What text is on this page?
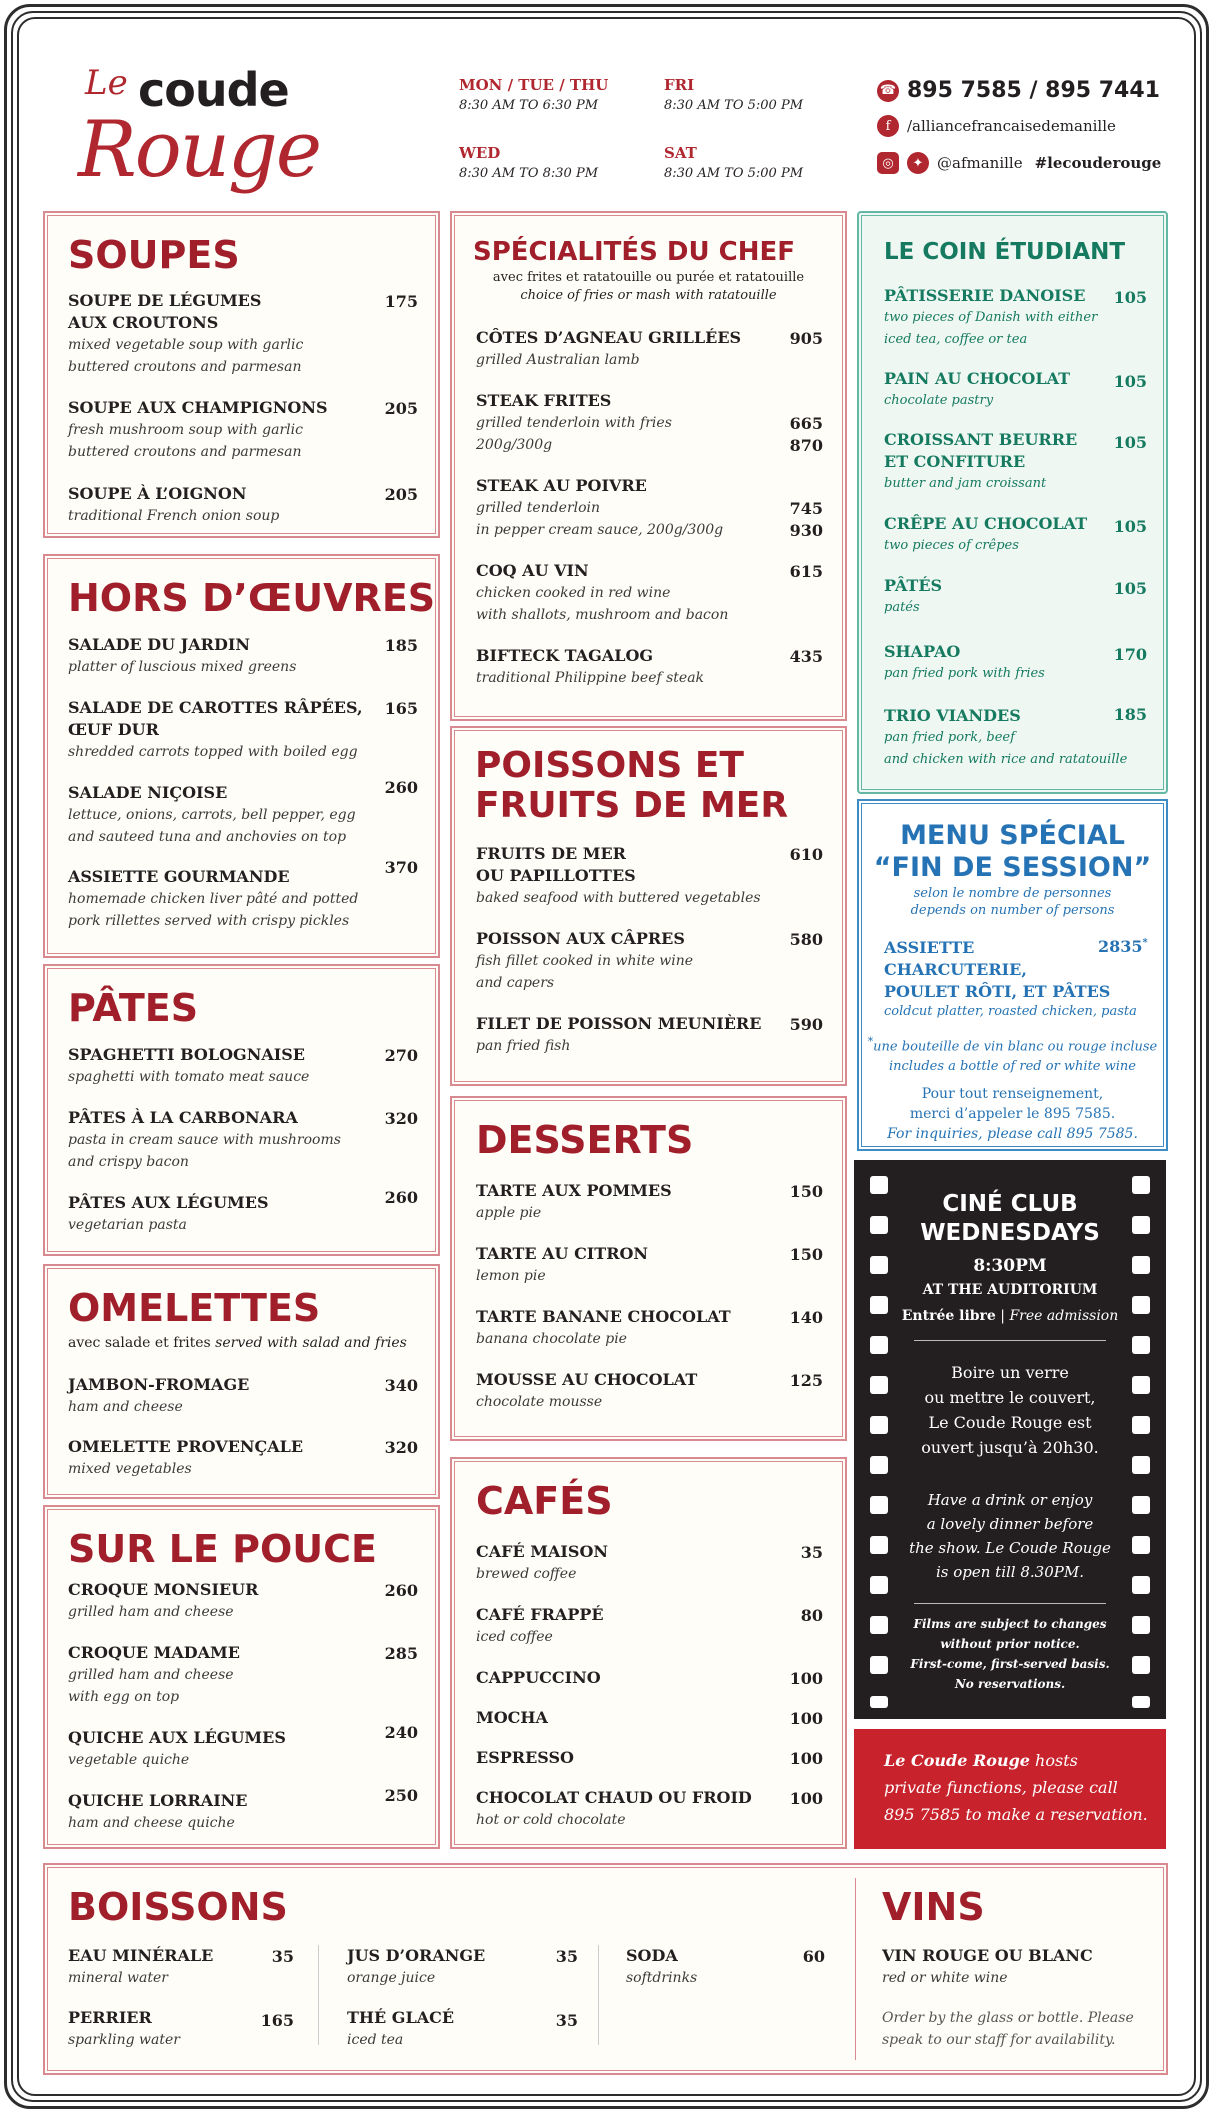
Le coude
Rouge
MON / TUE / THU
8:30 AM TO 6:30 PM
FRI
8:30 AM TO 5:00 PM
WED
8:30 AM TO 8:30 PM
SAT
8:30 AM TO 5:00 PM
☎ 895 7585 / 895 7441
f	/alliancefrancaisedemanille
◎	✦ @afmanille #lecouderouge
SOUPES
SOUPE DE LÉGUMES
AUX CROUTONS
mixed vegetable soup with garlic
buttered croutons and parmesan
175
SOUPE AUX CHAMPIGNONS
fresh mushroom soup with garlic
buttered croutons and parmesan
205
SOUPE À L’OIGNON
traditional French onion soup
205
HORS D’ŒUVRES
SALADE DU JARDIN
platter of luscious mixed greens
185
SALADE DE CAROTTES RÂPÉES,
ŒUF DUR
shredded carrots topped with boiled egg
165
SALADE NIÇOISE
lettuce, onions, carrots, bell pepper, egg
and sauteed tuna and anchovies on top
260
ASSIETTE GOURMANDE
homemade chicken liver pâté and potted
pork rillettes served with crispy pickles
370
PÂTES
SPAGHETTI BOLOGNAISE
spaghetti with tomato meat sauce
270
PÂTES À LA CARBONARA
pasta in cream sauce with mushrooms
and crispy bacon
320
PÂTES AUX LÉGUMES
vegetarian pasta
260
OMELETTES
avec salade et frites served with salad and fries
JAMBON-FROMAGE
ham and cheese
340
OMELETTE PROVENÇALE
mixed vegetables
320
SUR LE POUCE
CROQUE MONSIEUR
grilled ham and cheese
260
CROQUE MADAME
grilled ham and cheese
with egg on top
285
QUICHE AUX LÉGUMES
vegetable quiche
240
QUICHE LORRAINE
ham and cheese quiche
250
SPÉCIALITÉS DU CHEF
avec frites et ratatouille ou purée et ratatouille
choice of fries or mash with ratatouille
CÔTES D’AGNEAU GRILLÉES
grilled Australian lamb
905
STEAK FRITES
grilled tenderloin with fries
200g/300g
665
870
STEAK AU POIVRE
grilled tenderloin
in pepper cream sauce, 200g/300g
745
930
COQ AU VIN
chicken cooked in red wine
with shallots, mushroom and bacon
615
BIFTECK TAGALOG
traditional Philippine beef steak
435
POISSONS ET
FRUITS DE MER
FRUITS DE MER
OU PAPILLOTTES
baked seafood with buttered vegetables
610
POISSON AUX CÂPRES
fish fillet cooked in white wine
and capers
580
FILET DE POISSON MEUNIÈRE
pan fried fish
590
DESSERTS
TARTE AUX POMMES
apple pie
150
TARTE AU CITRON
lemon pie
150
TARTE BANANE CHOCOLAT
banana chocolate pie
140
MOUSSE AU CHOCOLAT
chocolate mousse
125
CAFÉS
CAFÉ MAISON
brewed coffee
35
CAFÉ FRAPPÉ
iced coffee
80
CAPPUCCINO	100
MOCHA	100
ESPRESSO	100
CHOCOLAT CHAUD OU FROID
hot or cold chocolate
100
LE COIN ÉTUDIANT
PÂTISSERIE DANOISE
two pieces of Danish with either
iced tea, coffee or tea
105
PAIN AU CHOCOLAT
chocolate pastry
105
CROISSANT BEURRE
ET CONFITURE
butter and jam croissant
105
CRÊPE AU CHOCOLAT
two pieces of crêpes
105
PÂTÉS
patés
105
SHAPAO
pan fried pork with fries
170
TRIO VIANDES
pan fried pork, beef
and chicken with rice and ratatouille
185
MENU SPÉCIAL
“FIN DE SESSION”
selon le nombre de personnes
depends on number of persons
ASSIETTE
CHARCUTERIE,
POULET RÔTI, ET PÂTES
2835*
coldcut platter, roasted chicken, pasta
*une bouteille de vin blanc ou rouge incluse
includes a bottle of red or white wine
Pour tout renseignement,
merci d’appeler le 895 7585.
For inquiries, please call 895 7585.
CINÉ CLUB
WEDNESDAYS
8:30PM
AT THE AUDITORIUM
Entrée libre | Free admission
Boire un verre
ou mettre le couvert,
Le Coude Rouge est
ouvert jusqu’à 20h30.
Have a drink or enjoy
a lovely dinner before
the show. Le Coude Rouge
is open till 8.30PM.
Films are subject to changes
without prior notice.
First-come, first-served basis.
No reservations.
Le Coude Rouge hosts
private functions, please call
895 7585 to make a reservation.
BOISSONS
EAU MINÉRALE
mineral water
35
PERRIER
sparkling water
165
JUS D’ORANGE
orange juice
35
THÉ GLACÉ
iced tea
35
SODA
softdrinks
60
VINS
VIN ROUGE OU BLANC
red or white wine
Order by the glass or bottle. Please
speak to our staff for availability.
